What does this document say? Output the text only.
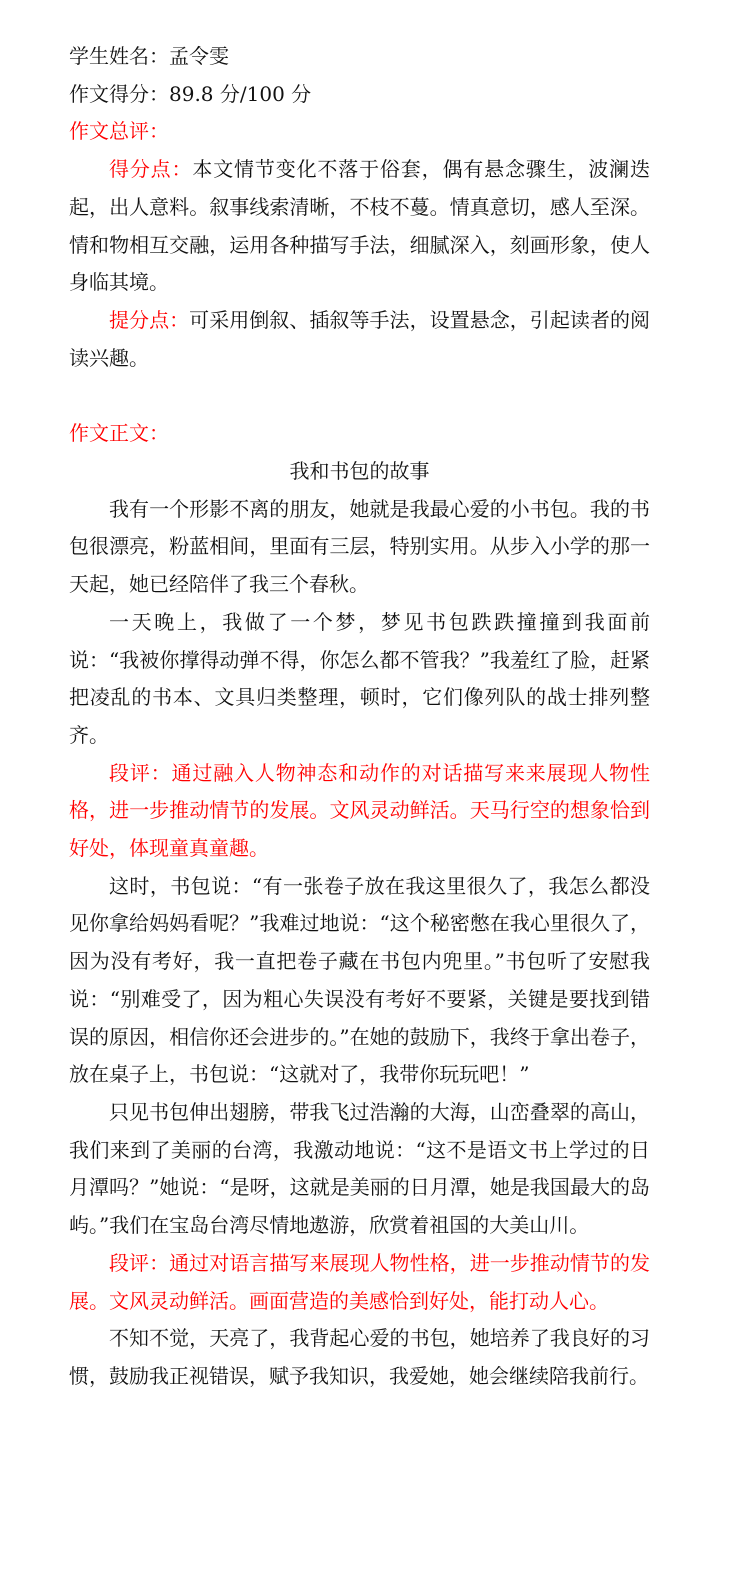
学生姓名：孟令雯

作文得分：89.8 分/100 分

作文总评：

得分点：本文情节变化不落于俗套，偶有悬念骤生，波澜迭起，出人意料。叙事线索清晰，不枝不蔓。情真意切，感人至深。情和物相互交融，运用各种描写手法，细腻深入，刻画形象，使人身临其境。

提分点：可采用倒叙、插叙等手法，设置悬念，引起读者的阅读兴趣。

作文正文：

我和书包的故事

我有一个形影不离的朋友，她就是我最心爱的小书包。我的书包很漂亮，粉蓝相间，里面有三层，特别实用。从步入小学的那一天起，她已经陪伴了我三个春秋。

一天晚上，我做了一个梦，梦见书包跌跌撞撞到我面前说：“我被你撑得动弹不得，你怎么都不管我？”我羞红了脸，赶紧把凌乱的书本、文具归类整理，顿时，它们像列队的战士排列整齐。

段评：通过融入人物神态和动作的对话描写来来展现人物性格，进一步推动情节的发展。文风灵动鲜活。天马行空的想象恰到好处，体现童真童趣。

这时，书包说：“有一张卷子放在我这里很久了，我怎么都没见你拿给妈妈看呢？”我难过地说：“这个秘密憋在我心里很久了，因为没有考好，我一直把卷子藏在书包内兜里。”书包听了安慰我说：“别难受了，因为粗心失误没有考好不要紧，关键是要找到错误的原因，相信你还会进步的。”在她的鼓励下，我终于拿出卷子，放在桌子上，书包说：“这就对了，我带你玩玩吧！”

只见书包伸出翅膀，带我飞过浩瀚的大海，山峦叠翠的高山，我们来到了美丽的台湾，我激动地说：“这不是语文书上学过的日月潭吗？”她说：“是呀，这就是美丽的日月潭，她是我国最大的岛屿。”我们在宝岛台湾尽情地遨游，欣赏着祖国的大美山川。

段评：通过对语言描写来展现人物性格，进一步推动情节的发展。文风灵动鲜活。画面营造的美感恰到好处，能打动人心。

不知不觉，天亮了，我背起心爱的书包，她培养了我良好的习惯，鼓励我正视错误，赋予我知识，我爱她，她会继续陪我前行。
